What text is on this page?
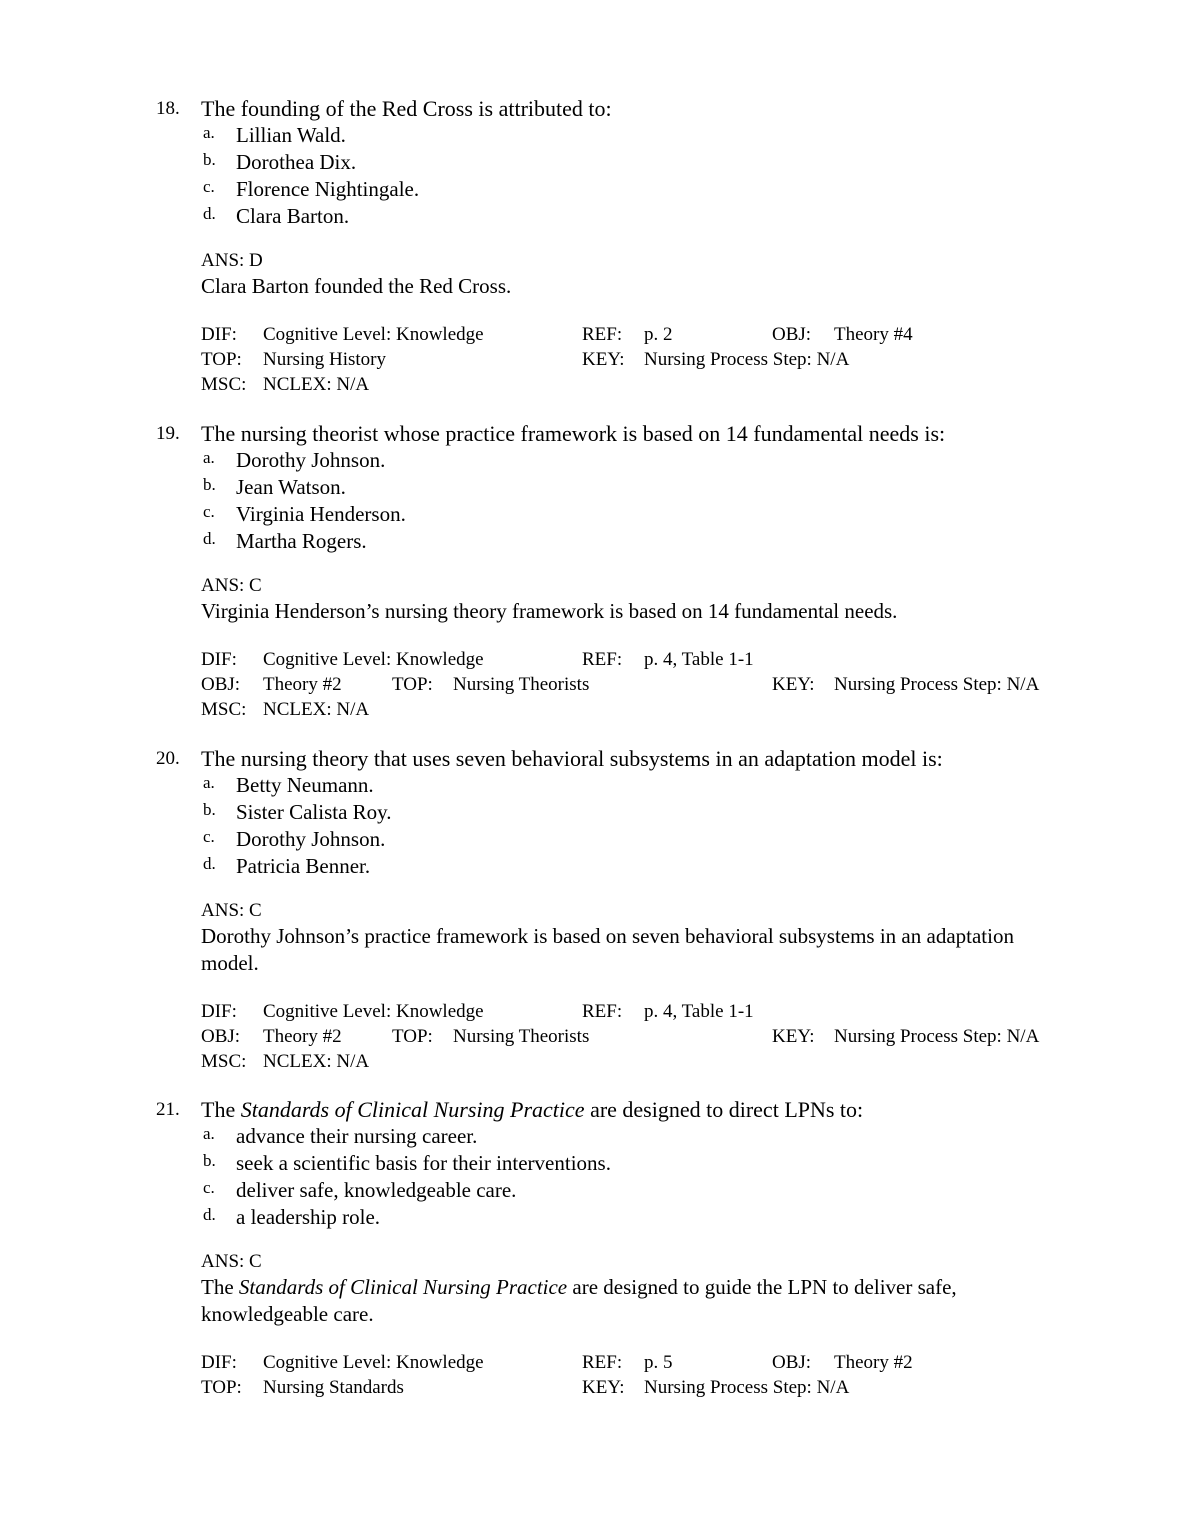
18. The founding of the Red Cross is attributed to:
a. Lillian Wald.
b. Dorothea Dix.
c. Florence Nightingale.
d. Clara Barton.
ANS: D
Clara Barton founded the Red Cross.
DIF: Cognitive Level: Knowledge	REF: p. 2	OBJ: Theory #4
TOP: Nursing History	KEY: Nursing Process Step: N/A
MSC: NCLEX: N/A
19. The nursing theorist whose practice framework is based on 14 fundamental needs is:
a. Dorothy Johnson.
b. Jean Watson.
c. Virginia Henderson.
d. Martha Rogers.
ANS: C
Virginia Henderson’s nursing theory framework is based on 14 fundamental needs.
DIF: Cognitive Level: Knowledge	REF: p. 4, Table 1-1
OBJ: Theory #2	TOP: Nursing Theorists	KEY: Nursing Process Step: N/A
MSC: NCLEX: N/A
20. The nursing theory that uses seven behavioral subsystems in an adaptation model is:
a. Betty Neumann.
b. Sister Calista Roy.
c. Dorothy Johnson.
d. Patricia Benner.
ANS: C
Dorothy Johnson’s practice framework is based on seven behavioral subsystems in an adaptation model.
DIF: Cognitive Level: Knowledge	REF: p. 4, Table 1-1
OBJ: Theory #2	TOP: Nursing Theorists	KEY: Nursing Process Step: N/A
MSC: NCLEX: N/A
21. The Standards of Clinical Nursing Practice are designed to direct LPNs to:
a. advance their nursing career.
b. seek a scientific basis for their interventions.
c. deliver safe, knowledgeable care.
d. a leadership role.
ANS: C
The Standards of Clinical Nursing Practice are designed to guide the LPN to deliver safe, knowledgeable care.
DIF: Cognitive Level: Knowledge	REF: p. 5	OBJ: Theory #2
TOP: Nursing Standards	KEY: Nursing Process Step: N/A
